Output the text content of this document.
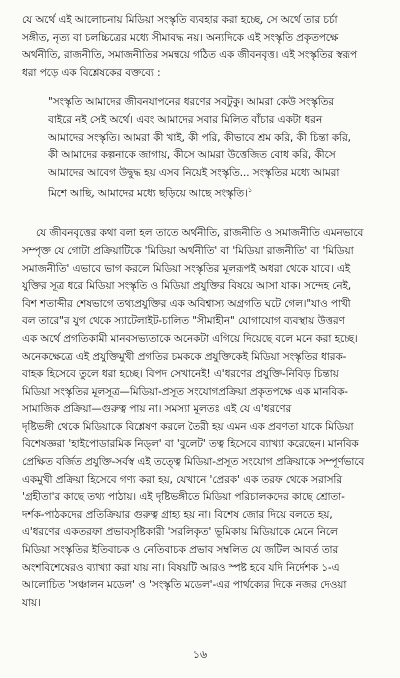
যে অর্থে এই আলোচনায় মিডিয়া সংস্কৃতি ব্যবহার করা হচ্ছে, সে অর্থে তার চর্চা
সঙ্গীত, নৃত্য বা চলচ্চিত্রের মধ্যে সীমাবদ্ধ নয়। অন্যদিকে এই সংস্কৃতি প্রকৃতপক্ষে
অর্থনীতি, রাজনীতি, সমাজনীতির সমন্বয়ে গঠিত এক জীবনবৃত্ত। এই সংস্কৃতির স্বরূপ
ধরা পড়ে এক বিশ্লেষকের বক্তব্যে :
"সংস্কৃতি আমাদের জীবনযাপনের ধরণের সবটুকু। আমরা কেউ সংস্কৃতির
বাইরে নই সেই অর্থে। এবং আমাদের সবার মিলিত বাঁচার একটা ধরন
আমাদের সংস্কৃতি। আমরা কী খাই, কী পরি, কীভাবে শ্রম করি, কী চিন্তা করি,
কী আমাদের কল্পনাকে জাগায়, কীসে আমরা উত্তেজিত বোধ করি, কীসে
আমাদের আবেগ উদ্বুদ্ধ হয় এসব নিয়েই সংস্কৃতি... সংস্কৃতির মধ্যে আমরা
মিশে আছি, আমাদের মধ্যে ছড়িয়ে আছে সংস্কৃতি।$^১$
যে জীবনবৃত্তের কথা বলা হল তাতে অর্থনীতি, রাজনীতি ও সমাজনীতি এমনভাবে
সম্পৃক্ত যে গোটা প্রক্রিয়াটিকে 'মিডিয়া অর্থনীতি' বা 'মিডিয়া রাজনীতি' বা 'মিডিয়া
সমাজনীতি' এভাবে ভাগ করলে মিডিয়া সংস্কৃতির মূলরূপই অধরা থেকে যাবে। এই
যুক্তির সূত্র ধরে মিডিয়া সংস্কৃতি ও মিডিয়া প্রযুক্তির বিষয়ে আসা যাক। সন্দেহ নেই,
বিশ শতাব্দীর শেষভাগে তথ্যপ্রযুক্তির এক অবিশ্বাস্য অগ্রগতি ঘটে গেল।"যাও পাখী
বল তারে"র যুগ থেকে স্যাটেলাইট-চালিত "সীমাহীন" যোগাযোগ ব্যবস্থায় উত্তরণ
এক অর্থে প্রগতিকামী মানবসভ্যতাকে অনেকটা এগিয়ে দিয়েছে বলে মনে করা হচ্ছে।
অনেকক্ষেত্রে এই প্রযুক্তিমুখী প্রগতির চমককে প্রযুক্তিকেই মিডিয়া সংস্কৃতির ধারক-
বাহক হিসেবে তুলে ধরা হচ্ছে। বিপদ সেখানেই! এ'ধরণের প্রযুক্তি-নিবিড় চিন্তায়
মিডিয়া সংস্কৃতির মূলসূত্র—মিডিয়া-প্রসূত সংযোগপ্রক্রিয়া প্রকৃতপক্ষে এক মানবিক-
সামাজিক প্রক্রিয়া—গুরুত্ব পায় না। সমস্যা মূলতঃ এই যে এ'ধরণের
দৃষ্টিভঙ্গী থেকে মিডিয়াকে বিশ্লেষণ করলে তৈরী হয় এমন এক প্রবণতা যাকে মিডিয়া
বিশেষজ্ঞরা 'হাইপোডারমিক নিড্ল' বা 'বুলেট' তত্ব হিসেবে ব্যাখ্যা করেছেন। মানবিক
প্রেক্ষিত বর্জিত প্রযুক্তি-সর্বস্ব এই তত্ত্বে মিডিয়া-প্রসূত সংযোগ প্রক্রিয়াকে সম্পূর্ণভাবে
একমুখী প্রক্রিয়া হিসেবে গণ্য করা হয়, যেখানে 'প্রেরক' এক তরফ থেকে সরাসরি
'গ্রহীতা'র কাছে তথ্য পাঠায়। এই দৃষ্টিভঙ্গীতে মিডিয়া পরিচালকদের কাছে শ্রোতা-
দর্শক-পাঠকদের প্রতিক্রিয়ার গুরুত্ব গ্রাহ্য হয় না। বিশেষ জোর দিয়ে বলতে হয়,
এ'ধরণের একতরফা প্রভাবসৃষ্টিকারী 'সরলিকৃত' ভূমিকায় মিডিয়াকে মেনে নিলে
মিডিয়া সংস্কৃতির ইতিবাচক ও নেতিবাচক প্রভাব সম্বলিত যে জটিল আবর্ত তার
অংশবিশেষেরও ব্যাখ্যা করা যায় না। বিষয়টি আরও স্পষ্ট হবে যদি নির্দেশক ১-এ
আলোচিত 'সঞ্চালন মডেল' ও 'সংস্কৃতি মডেল'-এর পার্থক্যের দিকে নজর দেওয়া
যায়।
১৬
